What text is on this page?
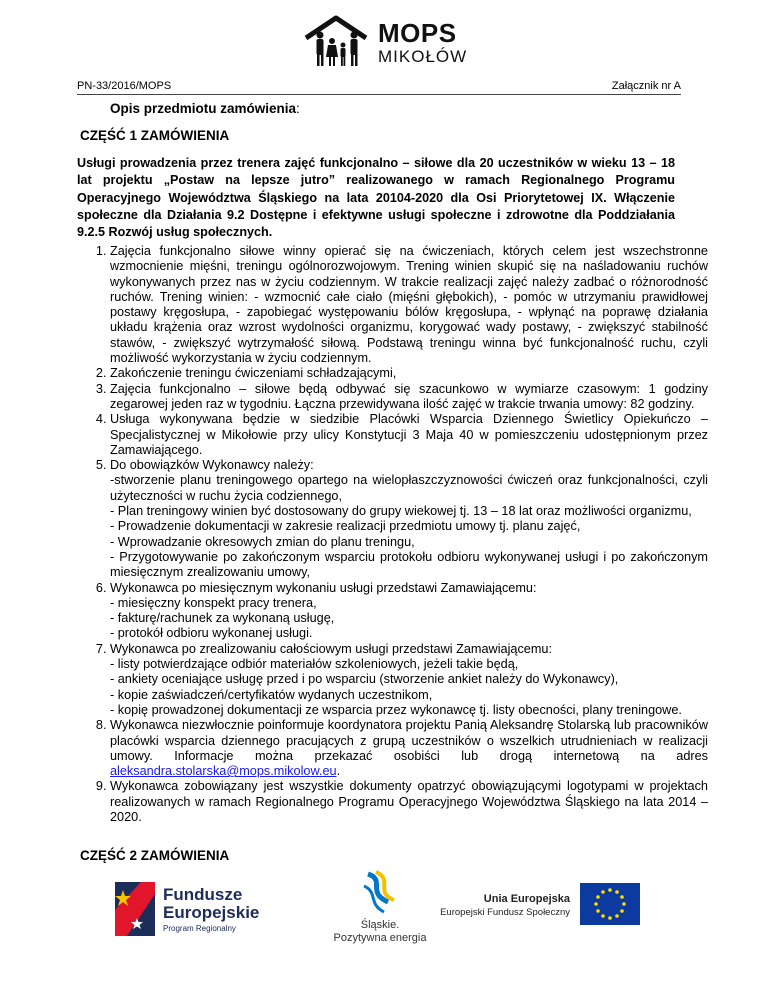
MOPS
MIKOŁÓW
PN-33/2016/MOPS	Załącznik nr A
Opis przedmiotu zamówienia:
CZĘŚĆ 1 ZAMÓWIENIA
Usługi prowadzenia przez trenera zajęć funkcjonalno – siłowe dla 20 uczestników w wieku 13 – 18 lat projektu „Postaw na lepsze jutro” realizowanego w ramach Regionalnego Programu Operacyjnego Województwa Śląskiego na lata 20104-2020 dla Osi Priorytetowej IX. Włączenie społeczne dla Działania 9.2 Dostępne i efektywne usługi społeczne i zdrowotne dla Poddziałania 9.2.5 Rozwój usług społecznych.
1. Zajęcia funkcjonalno siłowe winny opierać się na ćwiczeniach, których celem jest wszechstronne wzmocnienie mięśni, treningu ogólnorozwojowym. Trening winien skupić się na naśladowaniu ruchów wykonywanych przez nas w życiu codziennym. W trakcie realizacji zajęć należy zadbać o różnorodność ruchów. Trening winien: - wzmocnić całe ciało (mięśni głębokich), - pomóc w utrzymaniu prawidłowej postawy kręgosłupa, - zapobiegać występowaniu bólów kręgosłupa, - wpłynąć na poprawę działania układu krążenia oraz wzrost wydolności organizmu, korygować wady postawy, - zwiększyć stabilność stawów, - zwiększyć wytrzymałość siłową. Podstawą treningu winna być funkcjonalność ruchu, czyli możliwość wykorzystania w życiu codziennym.
2. Zakończenie treningu ćwiczeniami schładzającymi,
3. Zajęcia funkcjonalno – siłowe będą odbywać się szacunkowo w wymiarze czasowym: 1 godziny zegarowej jeden raz w tygodniu. Łączna przewidywana ilość zajęć w trakcie trwania umowy: 82 godziny.
4. Usługa wykonywana będzie w siedzibie Placówki Wsparcia Dziennego Świetlicy Opiekuńczo – Specjalistycznej w Mikołowie przy ulicy Konstytucji 3 Maja 40 w pomieszczeniu udostępnionym przez Zamawiającego.
5. Do obowiązków Wykonawcy należy:
-stworzenie planu treningowego opartego na wielopłaszczyznowości ćwiczeń oraz funkcjonalności, czyli użyteczności w ruchu życia codziennego,
- Plan treningowy winien być dostosowany do grupy wiekowej tj. 13 – 18 lat oraz możliwości organizmu,
- Prowadzenie dokumentacji w zakresie realizacji przedmiotu umowy tj. planu zajęć,
- Wprowadzanie okresowych zmian do planu treningu,
- Przygotowywanie po zakończonym wsparciu protokołu odbioru wykonywanej usługi i po zakończonym miesięcznym zrealizowaniu umowy,
6. Wykonawca po miesięcznym wykonaniu usługi przedstawi Zamawiającemu:
- miesięczny konspekt pracy trenera,
- fakturę/rachunek za wykonaną usługę,
- protokół odbioru wykonanej usługi.
7. Wykonawca po zrealizowaniu całościowym usługi przedstawi Zamawiającemu:
- listy potwierdzające odbiór materiałów szkoleniowych, jeżeli takie będą,
- ankiety oceniające usługę przed i po wsparciu (stworzenie ankiet należy do Wykonawcy),
- kopie zaświadczeń/certyfikatów wydanych uczestnikom,
- kopię prowadzonej dokumentacji ze wsparcia przez wykonawcę tj. listy obecności, plany treningowe.
8. Wykonawca niezwłocznie poinformuje koordynatora projektu Panią Aleksandrę Stolarską lub pracowników placówki wsparcia dziennego pracujących z grupą uczestników o wszelkich utrudnieniach w realizacji umowy. Informacje można przekazać osobiści lub drogą internetową na adres aleksandra.stolarska@mops.mikolow.eu.
9. Wykonawca zobowiązany jest wszystkie dokumenty opatrzyć obowiązującymi logotypami w projektach realizowanych w ramach Regionalnego Programu Operacyjnego Województwa Śląskiego na lata 2014 – 2020.
CZĘŚĆ 2 ZAMÓWIENIA
Fundusze
Europejskie
Program Regionalny	Śląskie.
Pozytywna energia
Unia Europejska
Europejski Fundusz Społeczny
